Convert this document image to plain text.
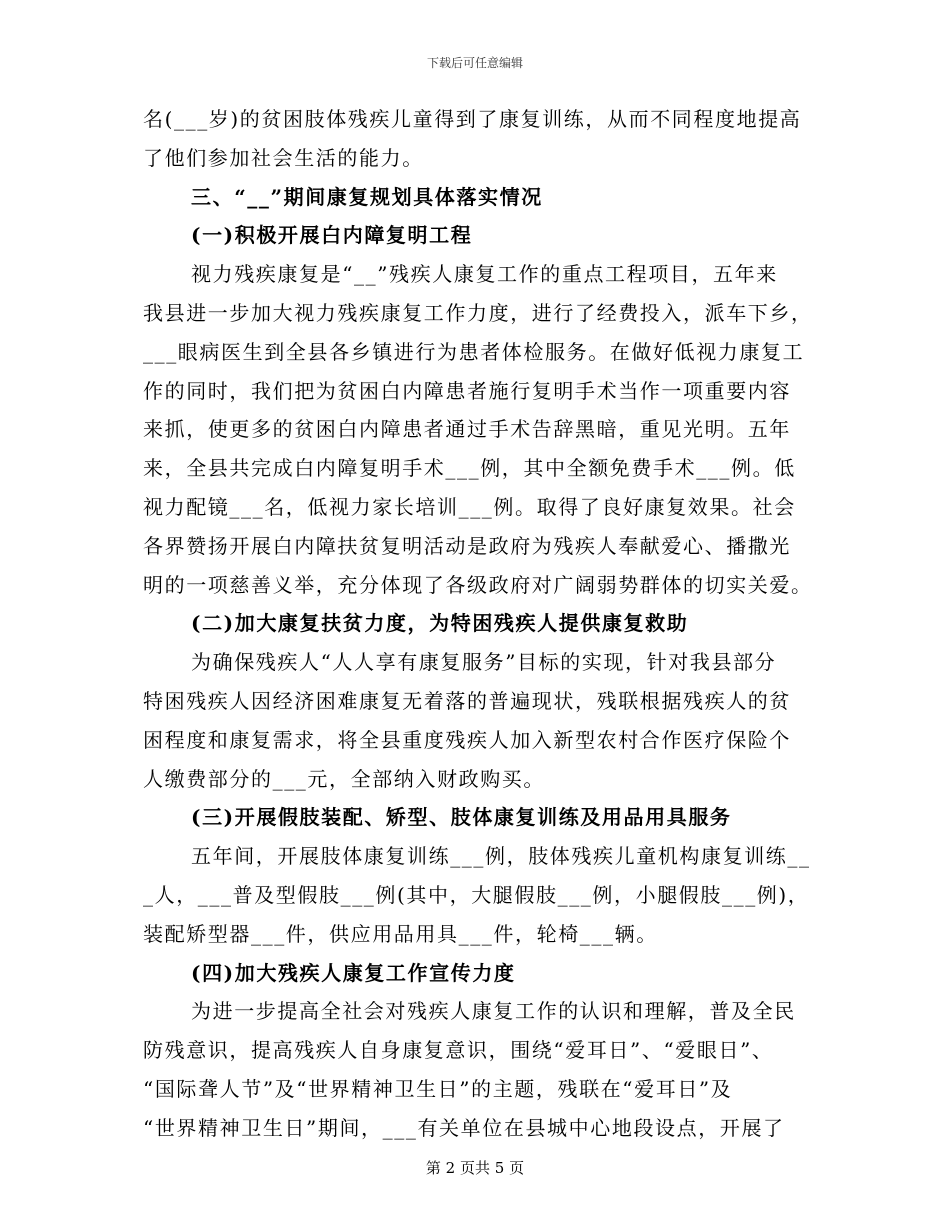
下载后可任意编辑
名(___岁)的贫困肢体残疾儿童得到了康复训练，从而不同程度地提高
了他们参加社会生活的能力。
三、“__”期间康复规划具体落实情况
(一)积极开展白内障复明工程
视力残疾康复是“__”残疾人康复工作的重点工程项目，五年来
我县进一步加大视力残疾康复工作力度，进行了经费投入，派车下乡，
___眼病医生到全县各乡镇进行为患者体检服务。在做好低视力康复工
作的同时，我们把为贫困白内障患者施行复明手术当作一项重要内容
来抓，使更多的贫困白内障患者通过手术告辞黑暗，重见光明。五年
来，全县共完成白内障复明手术___例，其中全额免费手术___例。低
视力配镜___名，低视力家长培训___例。取得了良好康复效果。社会
各界赞扬开展白内障扶贫复明活动是政府为残疾人奉献爱心、播撒光
明的一项慈善义举，充分体现了各级政府对广阔弱势群体的切实关爱。
(二)加大康复扶贫力度，为特困残疾人提供康复救助
为确保残疾人“人人享有康复服务”目标的实现，针对我县部分
特困残疾人因经济困难康复无着落的普遍现状，残联根据残疾人的贫
困程度和康复需求，将全县重度残疾人加入新型农村合作医疗保险个
人缴费部分的___元，全部纳入财政购买。
(三)开展假肢装配、矫型、肢体康复训练及用品用具服务
五年间，开展肢体康复训练___例，肢体残疾儿童机构康复训练__
_人，___普及型假肢___例(其中，大腿假肢___例，小腿假肢___例)，
装配矫型器___件，供应用品用具___件，轮椅___辆。
(四)加大残疾人康复工作宣传力度
为进一步提高全社会对残疾人康复工作的认识和理解，普及全民
防残意识，提高残疾人自身康复意识，围绕“爱耳日”、“爱眼日”、
“国际聋人节”及“世界精神卫生日”的主题，残联在“爱耳日”及
“世界精神卫生日”期间，___有关单位在县城中心地段设点，开展了
第 2 页共 5 页
